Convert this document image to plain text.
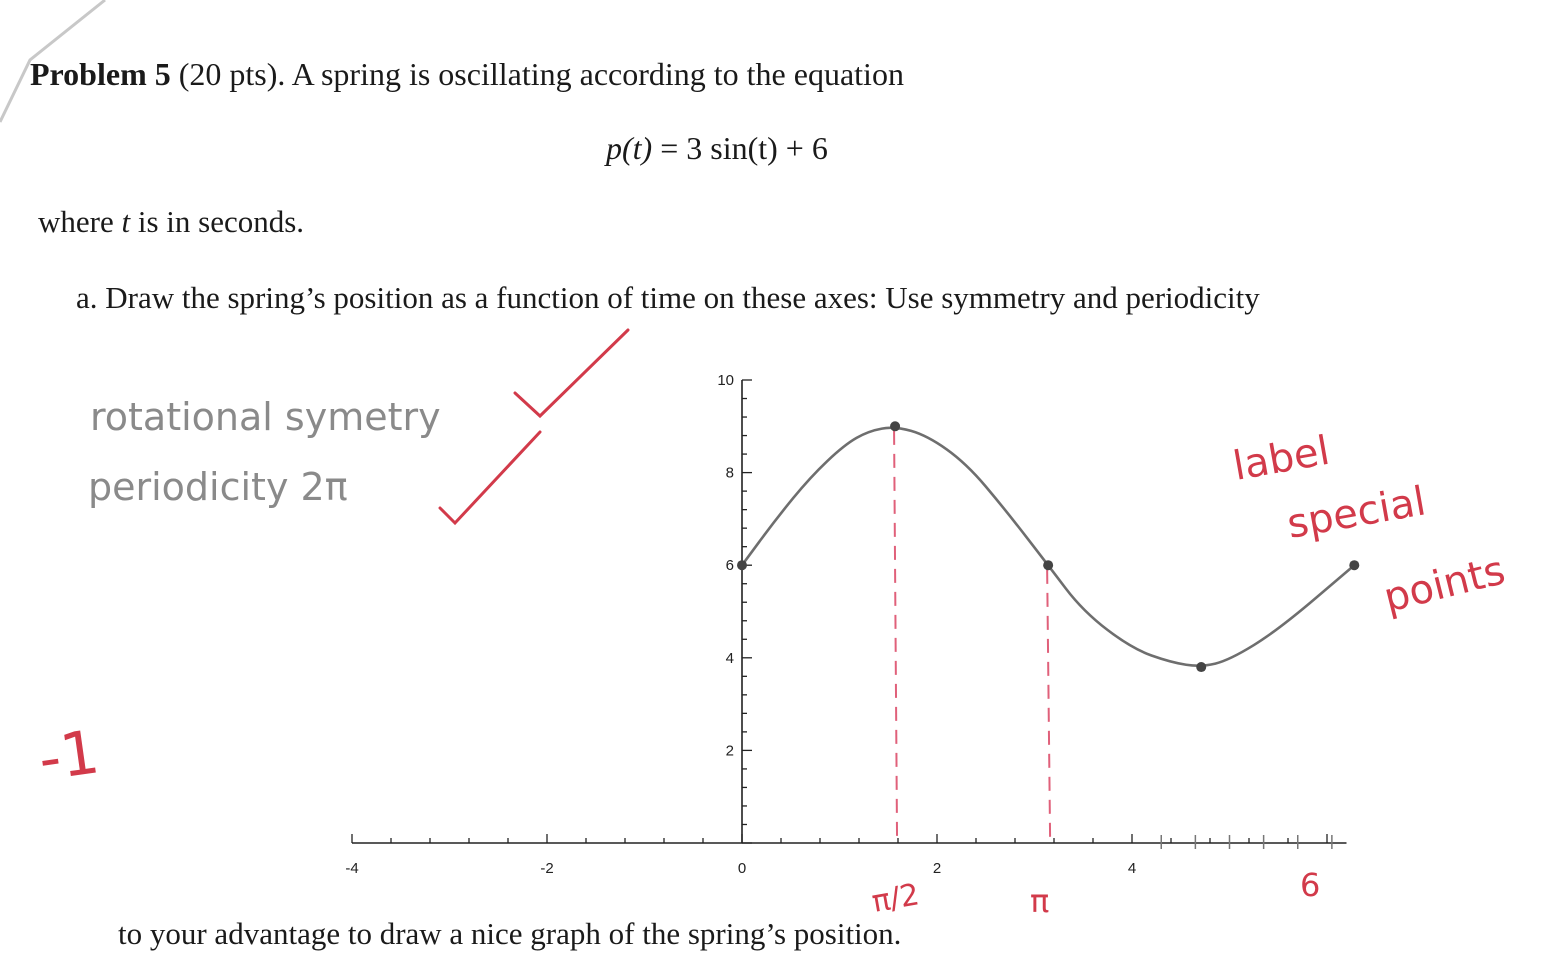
Problem 5 (20 pts). A spring is oscillating according to the equation
p(t) = 3 sin(t) + 6
where t is in seconds.
a. Draw the spring’s position as a function of time on these axes: Use symmetry and periodicity
-4	-2	0	2	4
2
4
6
8
10
rotational symetry
periodicity 2π
-1
label
special
points
π/2	π	6
to your advantage to draw a nice graph of the spring’s position.
